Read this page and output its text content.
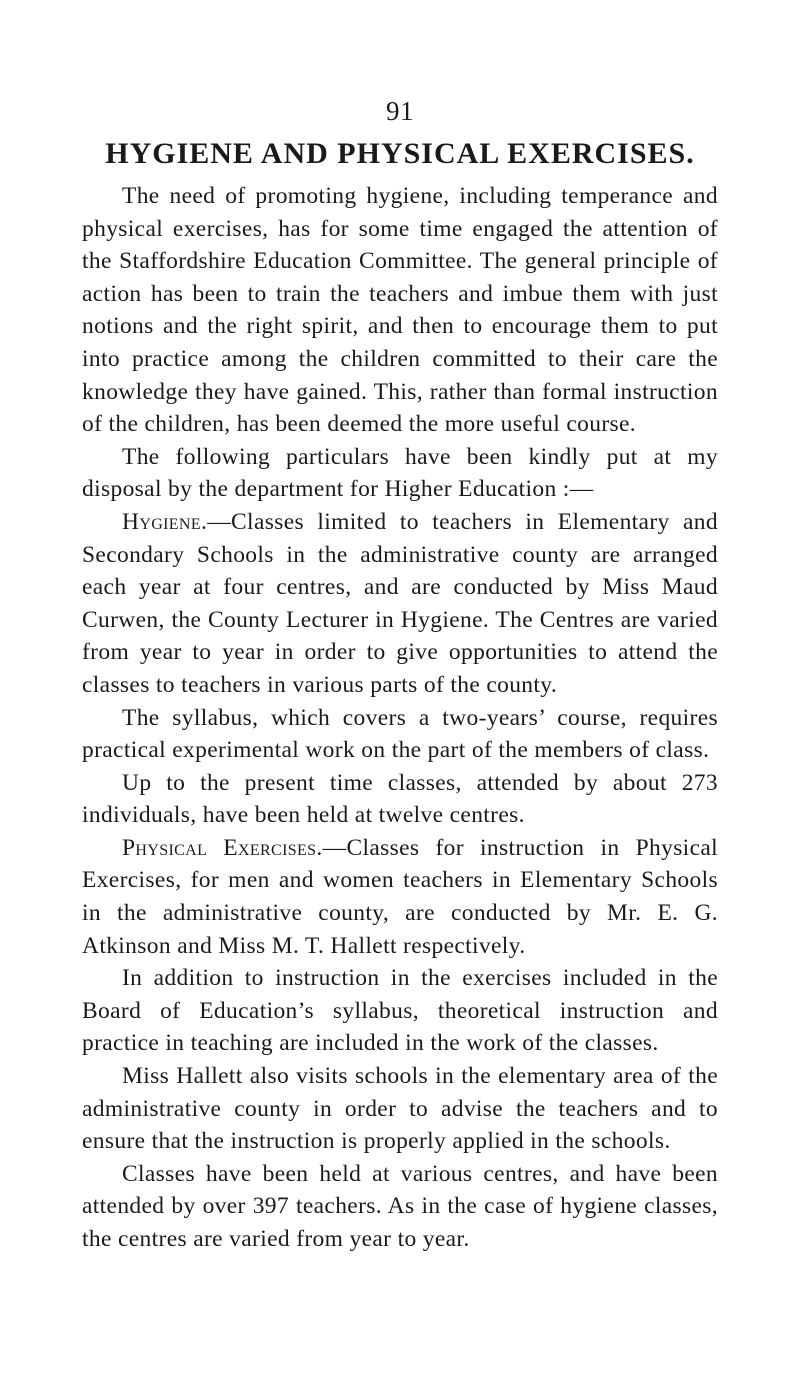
91
HYGIENE AND PHYSICAL EXERCISES.

The need of promoting hygiene, including temperance and physical exercises, has for some time engaged the attention of the Staffordshire Education Committee. The general principle of action has been to train the teachers and imbue them with just notions and the right spirit, and then to encourage them to put into practice among the children committed to their care the knowledge they have gained. This, rather than formal instruction of the children, has been deemed the more useful course.

The following particulars have been kindly put at my disposal by the department for Higher Education :—

Hygiene.—Classes limited to teachers in Elementary and Secondary Schools in the administrative county are arranged each year at four centres, and are conducted by Miss Maud Curwen, the County Lecturer in Hygiene. The Centres are varied from year to year in order to give opportunities to attend the classes to teachers in various parts of the county.

The syllabus, which covers a two-years’ course, requires practical experimental work on the part of the members of class.

Up to the present time classes, attended by about 273 individuals, have been held at twelve centres.

Physical Exercises.—Classes for instruction in Physical Exercises, for men and women teachers in Elementary Schools in the administrative county, are conducted by Mr. E. G. Atkinson and Miss M. T. Hallett respectively.

In addition to instruction in the exercises included in the Board of Education’s syllabus, theoretical instruction and practice in teaching are included in the work of the classes.

Miss Hallett also visits schools in the elementary area of the administrative county in order to advise the teachers and to ensure that the instruction is properly applied in the schools.

Classes have been held at various centres, and have been attended by over 397 teachers. As in the case of hygiene classes, the centres are varied from year to year.
